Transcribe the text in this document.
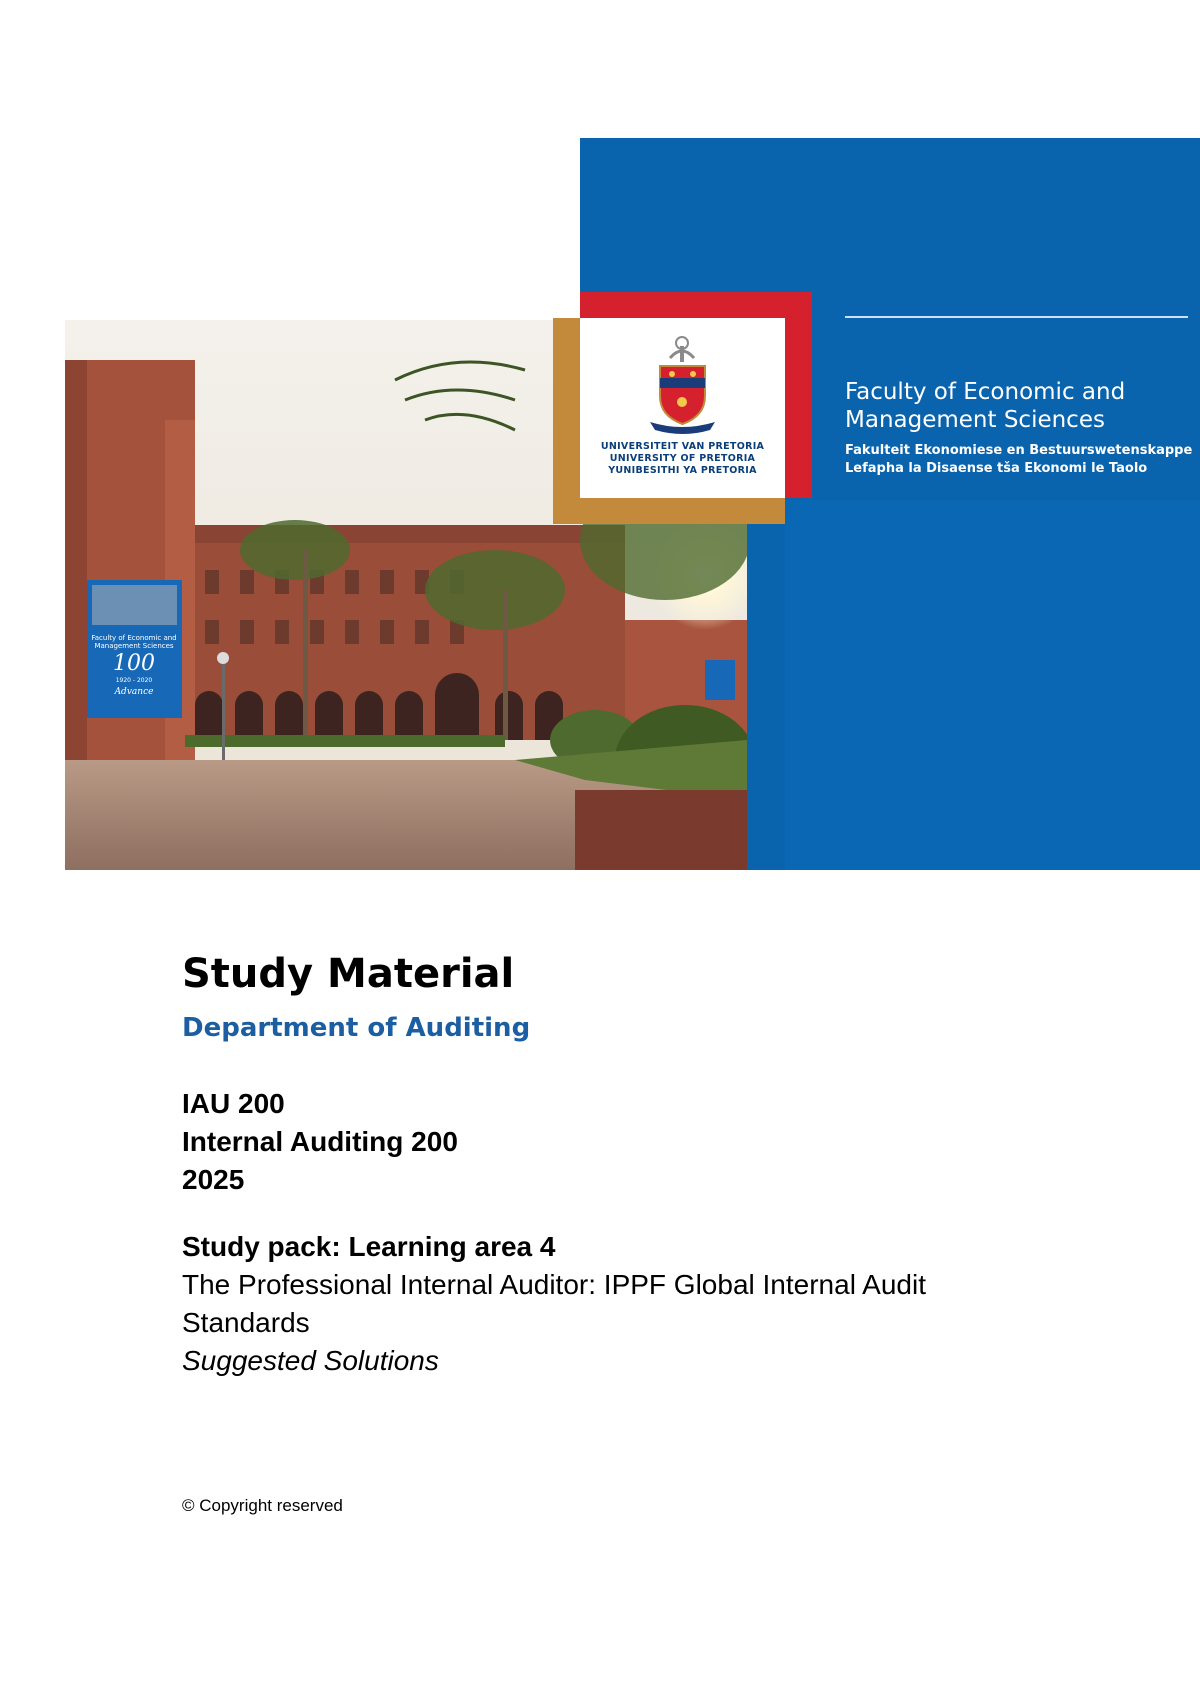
Faculty of Economic and
Management Sciences
Fakulteit Ekonomiese en Bestuurswetenskappe
Lefapha la Disaense tša Ekonomi le Taolo
Faculty of Economic and
Management Sciences
100
1920 - 2020
Advance
UNIVERSITEIT VAN PRETORIA
UNIVERSITY OF PRETORIA
YUNIBESITHI YA PRETORIA
Study Material
Department of Auditing
IAU 200
Internal Auditing 200
2025
Study pack: Learning area 4
The Professional Internal Auditor: IPPF Global Internal Audit
Standards
Suggested Solutions
© Copyright reserved
